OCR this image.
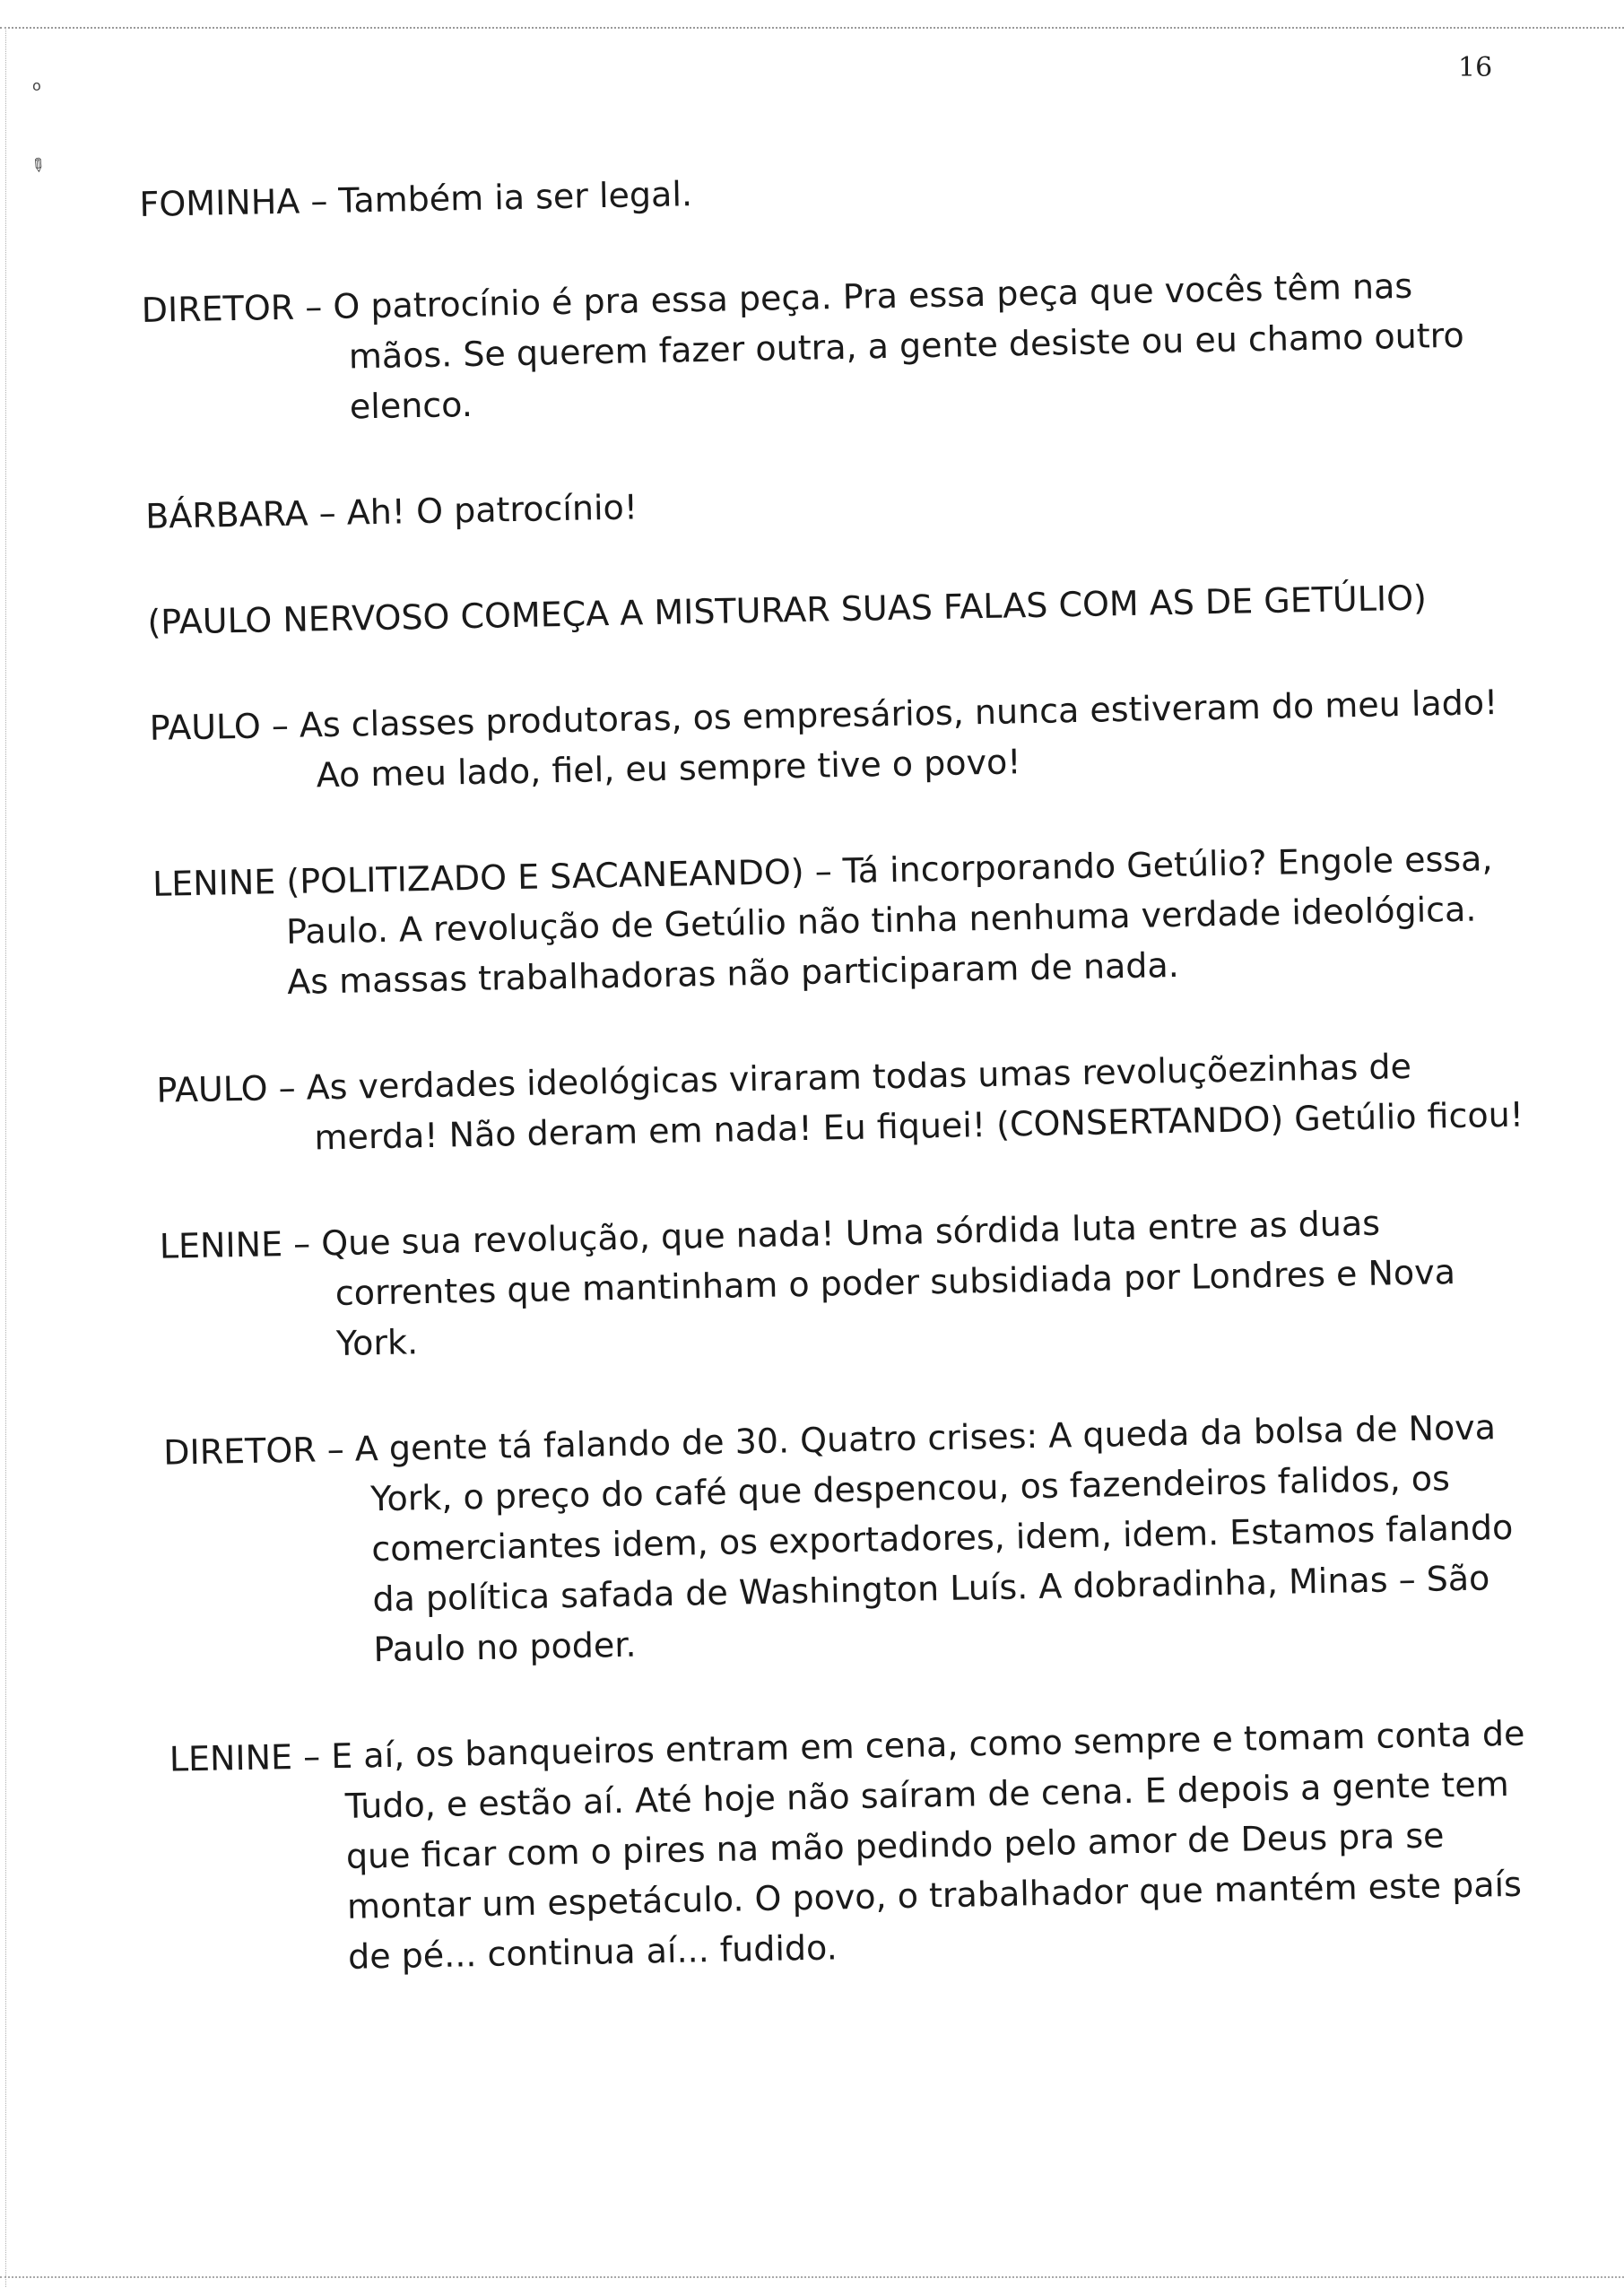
o
✎
16
FOMINHA – Também ia ser legal.
DIRETOR – O patrocínio é pra essa peça. Pra essa peça que vocês têm nas
mãos. Se querem fazer outra, a gente desiste ou eu chamo outro
elenco.
BÁRBARA – Ah! O patrocínio!
(PAULO NERVOSO COMEÇA A MISTURAR SUAS FALAS COM AS DE GETÚLIO)
PAULO – As classes produtoras, os empresários, nunca estiveram do meu lado!
Ao meu lado, fiel, eu sempre tive o povo!
LENINE (POLITIZADO E SACANEANDO) – Tá incorporando Getúlio? Engole essa,
Paulo. A revolução de Getúlio não tinha nenhuma verdade ideológica.
As massas trabalhadoras não participaram de nada.
PAULO – As verdades ideológicas viraram todas umas revoluçõezinhas de
merda! Não deram em nada! Eu fiquei! (CONSERTANDO) Getúlio ficou!
LENINE – Que sua revolução, que nada! Uma sórdida luta entre as duas
correntes que mantinham o poder subsidiada por Londres e Nova
York.
DIRETOR – A gente tá falando de 30. Quatro crises: A queda da bolsa de Nova
York, o preço do café que despencou, os fazendeiros falidos, os
comerciantes idem, os exportadores, idem, idem. Estamos falando
da política safada de Washington Luís. A dobradinha, Minas – São
Paulo no poder.
LENINE – E aí, os banqueiros entram em cena, como sempre e tomam conta de
Tudo, e estão aí. Até hoje não saíram de cena. E depois a gente tem
que ficar com o pires na mão pedindo pelo amor de Deus pra se
montar um espetáculo. O povo, o trabalhador que mantém este país
de pé... continua aí... fudido.
